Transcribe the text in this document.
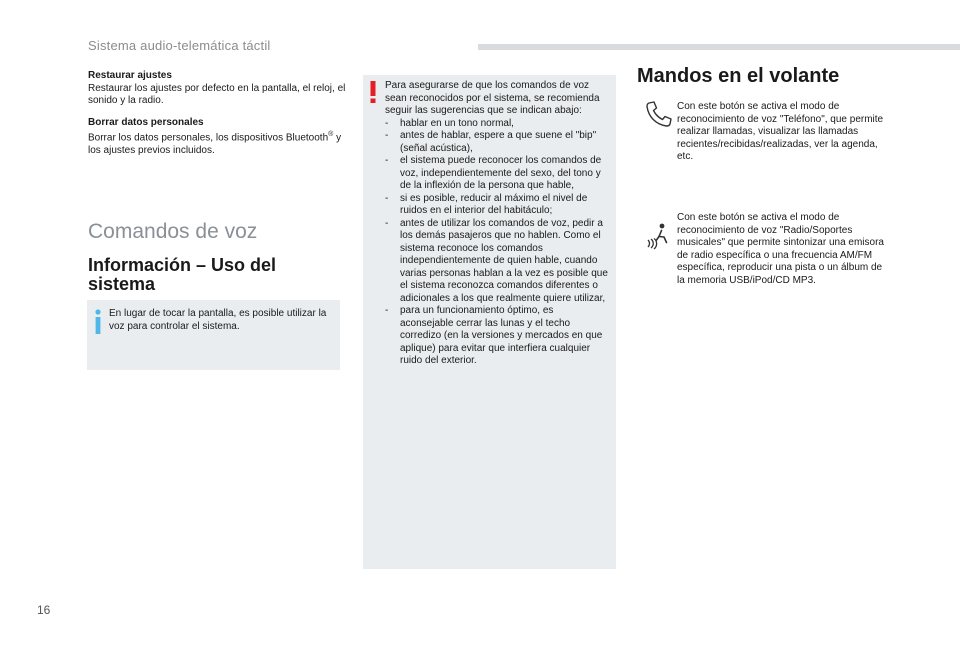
Sistema audio-telemática táctil
Restaurar ajustes
Restaurar los ajustes por defecto en la pantalla, el reloj, el sonido y la radio.
Borrar datos personales
Borrar los datos personales, los dispositivos Bluetooth® y los ajustes previos incluidos.
Comandos de voz
Información – Uso del sistema
En lugar de tocar la pantalla, es posible utilizar la voz para controlar el sistema.
Para asegurarse de que los comandos de voz sean reconocidos por el sistema, se recomienda seguir las sugerencias que se indican abajo:
- hablar en un tono normal,
- antes de hablar, espere a que suene el "bip" (señal acústica),
- el sistema puede reconocer los comandos de voz, independientemente del sexo, del tono y de la inflexión de la persona que hable,
- si es posible, reducir al máximo el nivel de ruidos en el interior del habitáculo;
- antes de utilizar los comandos de voz, pedir a los demás pasajeros que no hablen. Como el sistema reconoce los comandos independientemente de quien hable, cuando varias personas hablan a la vez es posible que el sistema reconozca comandos diferentes o adicionales a los que realmente quiere utilizar,
- para un funcionamiento óptimo, es aconsejable cerrar las lunas y el techo corredizo (en la versiones y mercados en que aplique) para evitar que interfiera cualquier ruido del exterior.
Mandos en el volante
Con este botón se activa el modo de reconocimiento de voz "Teléfono", que permite realizar llamadas, visualizar las llamadas recientes/recibidas/realizadas, ver la agenda, etc.
Con este botón se activa el modo de reconocimiento de voz "Radio/Soportes musicales" que permite sintonizar una emisora de radio específica o una frecuencia AM/FM específica, reproducir una pista o un álbum de la memoria USB/iPod/CD MP3.
16
